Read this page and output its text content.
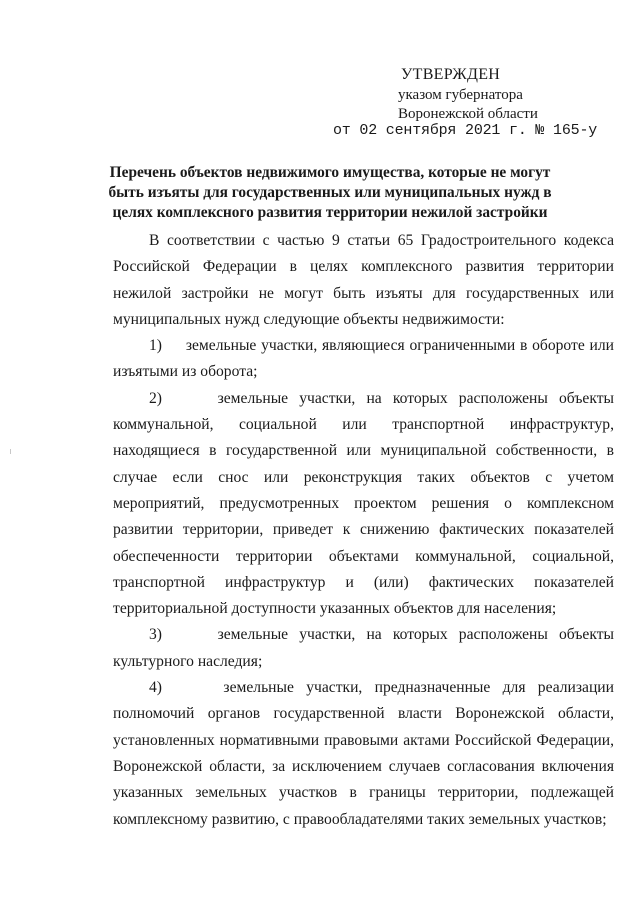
УТВЕРЖДЕН
указом губернатора
Воронежской области
от 02 сентября 2021 г. № 165-у
Перечень объектов недвижимого имущества, которые не могут быть изъяты для государственных или муниципальных нужд в целях комплексного развития территории нежилой застройки

В соответствии с частью 9 статьи 65 Градостроительного кодекса Российской Федерации в целях комплексного развития территории нежилой застройки не могут быть изъяты для государственных или муниципальных нужд следующие объекты недвижимости:

1) земельные участки, являющиеся ограниченными в обороте или изъятыми из оборота;

2)	земельные участки, на которых расположены объекты коммунальной, социальной или транспортной инфраструктур, находящиеся в государственной или муниципальной собственности, в случае если снос или реконструкция таких объектов с учетом мероприятий, предусмотренных проектом решения о комплексном развитии территории, приведет к снижению фактических показателей обеспеченности территории объектами коммунальной, социальной, транспортной инфраструктур и (или) фактических показателей территориальной доступности указанных объектов для населения;

3)	земельные участки, на которых расположены объекты культурного наследия;

4)	земельные участки, предназначенные для реализации полномочий органов государственной власти Воронежской области, установленных нормативными правовыми актами Российской Федерации, Воронежской области, за исключением случаев согласования включения указанных земельных участков в границы территории, подлежащей комплексному развитию, с правообладателями таких земельных участков;
